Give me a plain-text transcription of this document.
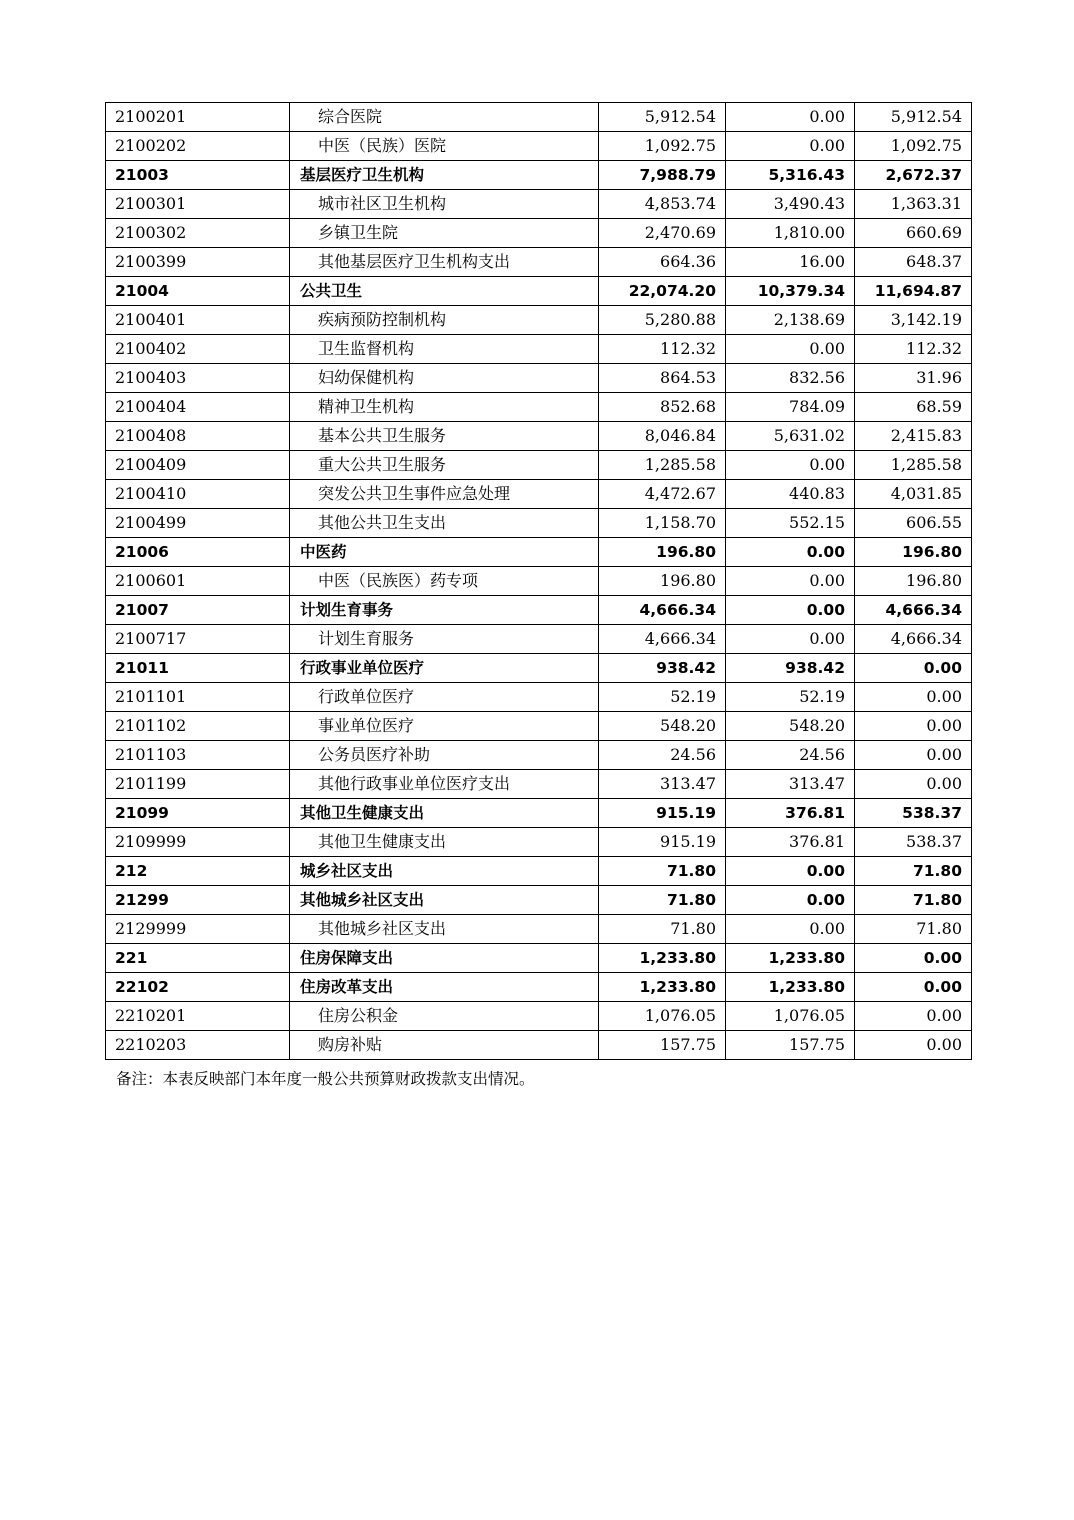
2100201	综合医院	5,912.54	0.00	5,912.54
2100202	中医（民族）医院	1,092.75	0.00	1,092.75
21003	基层医疗卫生机构	7,988.79	5,316.43	2,672.37
2100301	城市社区卫生机构	4,853.74	3,490.43	1,363.31
2100302	乡镇卫生院	2,470.69	1,810.00	660.69
2100399	其他基层医疗卫生机构支出	664.36	16.00	648.37
21004	公共卫生	22,074.20	10,379.34	11,694.87
2100401	疾病预防控制机构	5,280.88	2,138.69	3,142.19
2100402	卫生监督机构	112.32	0.00	112.32
2100403	妇幼保健机构	864.53	832.56	31.96
2100404	精神卫生机构	852.68	784.09	68.59
2100408	基本公共卫生服务	8,046.84	5,631.02	2,415.83
2100409	重大公共卫生服务	1,285.58	0.00	1,285.58
2100410	突发公共卫生事件应急处理	4,472.67	440.83	4,031.85
2100499	其他公共卫生支出	1,158.70	552.15	606.55
21006	中医药	196.80	0.00	196.80
2100601	中医（民族医）药专项	196.80	0.00	196.80
21007	计划生育事务	4,666.34	0.00	4,666.34
2100717	计划生育服务	4,666.34	0.00	4,666.34
21011	行政事业单位医疗	938.42	938.42	0.00
2101101	行政单位医疗	52.19	52.19	0.00
2101102	事业单位医疗	548.20	548.20	0.00
2101103	公务员医疗补助	24.56	24.56	0.00
2101199	其他行政事业单位医疗支出	313.47	313.47	0.00
21099	其他卫生健康支出	915.19	376.81	538.37
2109999	其他卫生健康支出	915.19	376.81	538.37
212	城乡社区支出	71.80	0.00	71.80
21299	其他城乡社区支出	71.80	0.00	71.80
2129999	其他城乡社区支出	71.80	0.00	71.80
221	住房保障支出	1,233.80	1,233.80	0.00
22102	住房改革支出	1,233.80	1,233.80	0.00
2210201	住房公积金	1,076.05	1,076.05	0.00
2210203	购房补贴	157.75	157.75	0.00
备注：本表反映部门本年度一般公共预算财政拨款支出情况。
